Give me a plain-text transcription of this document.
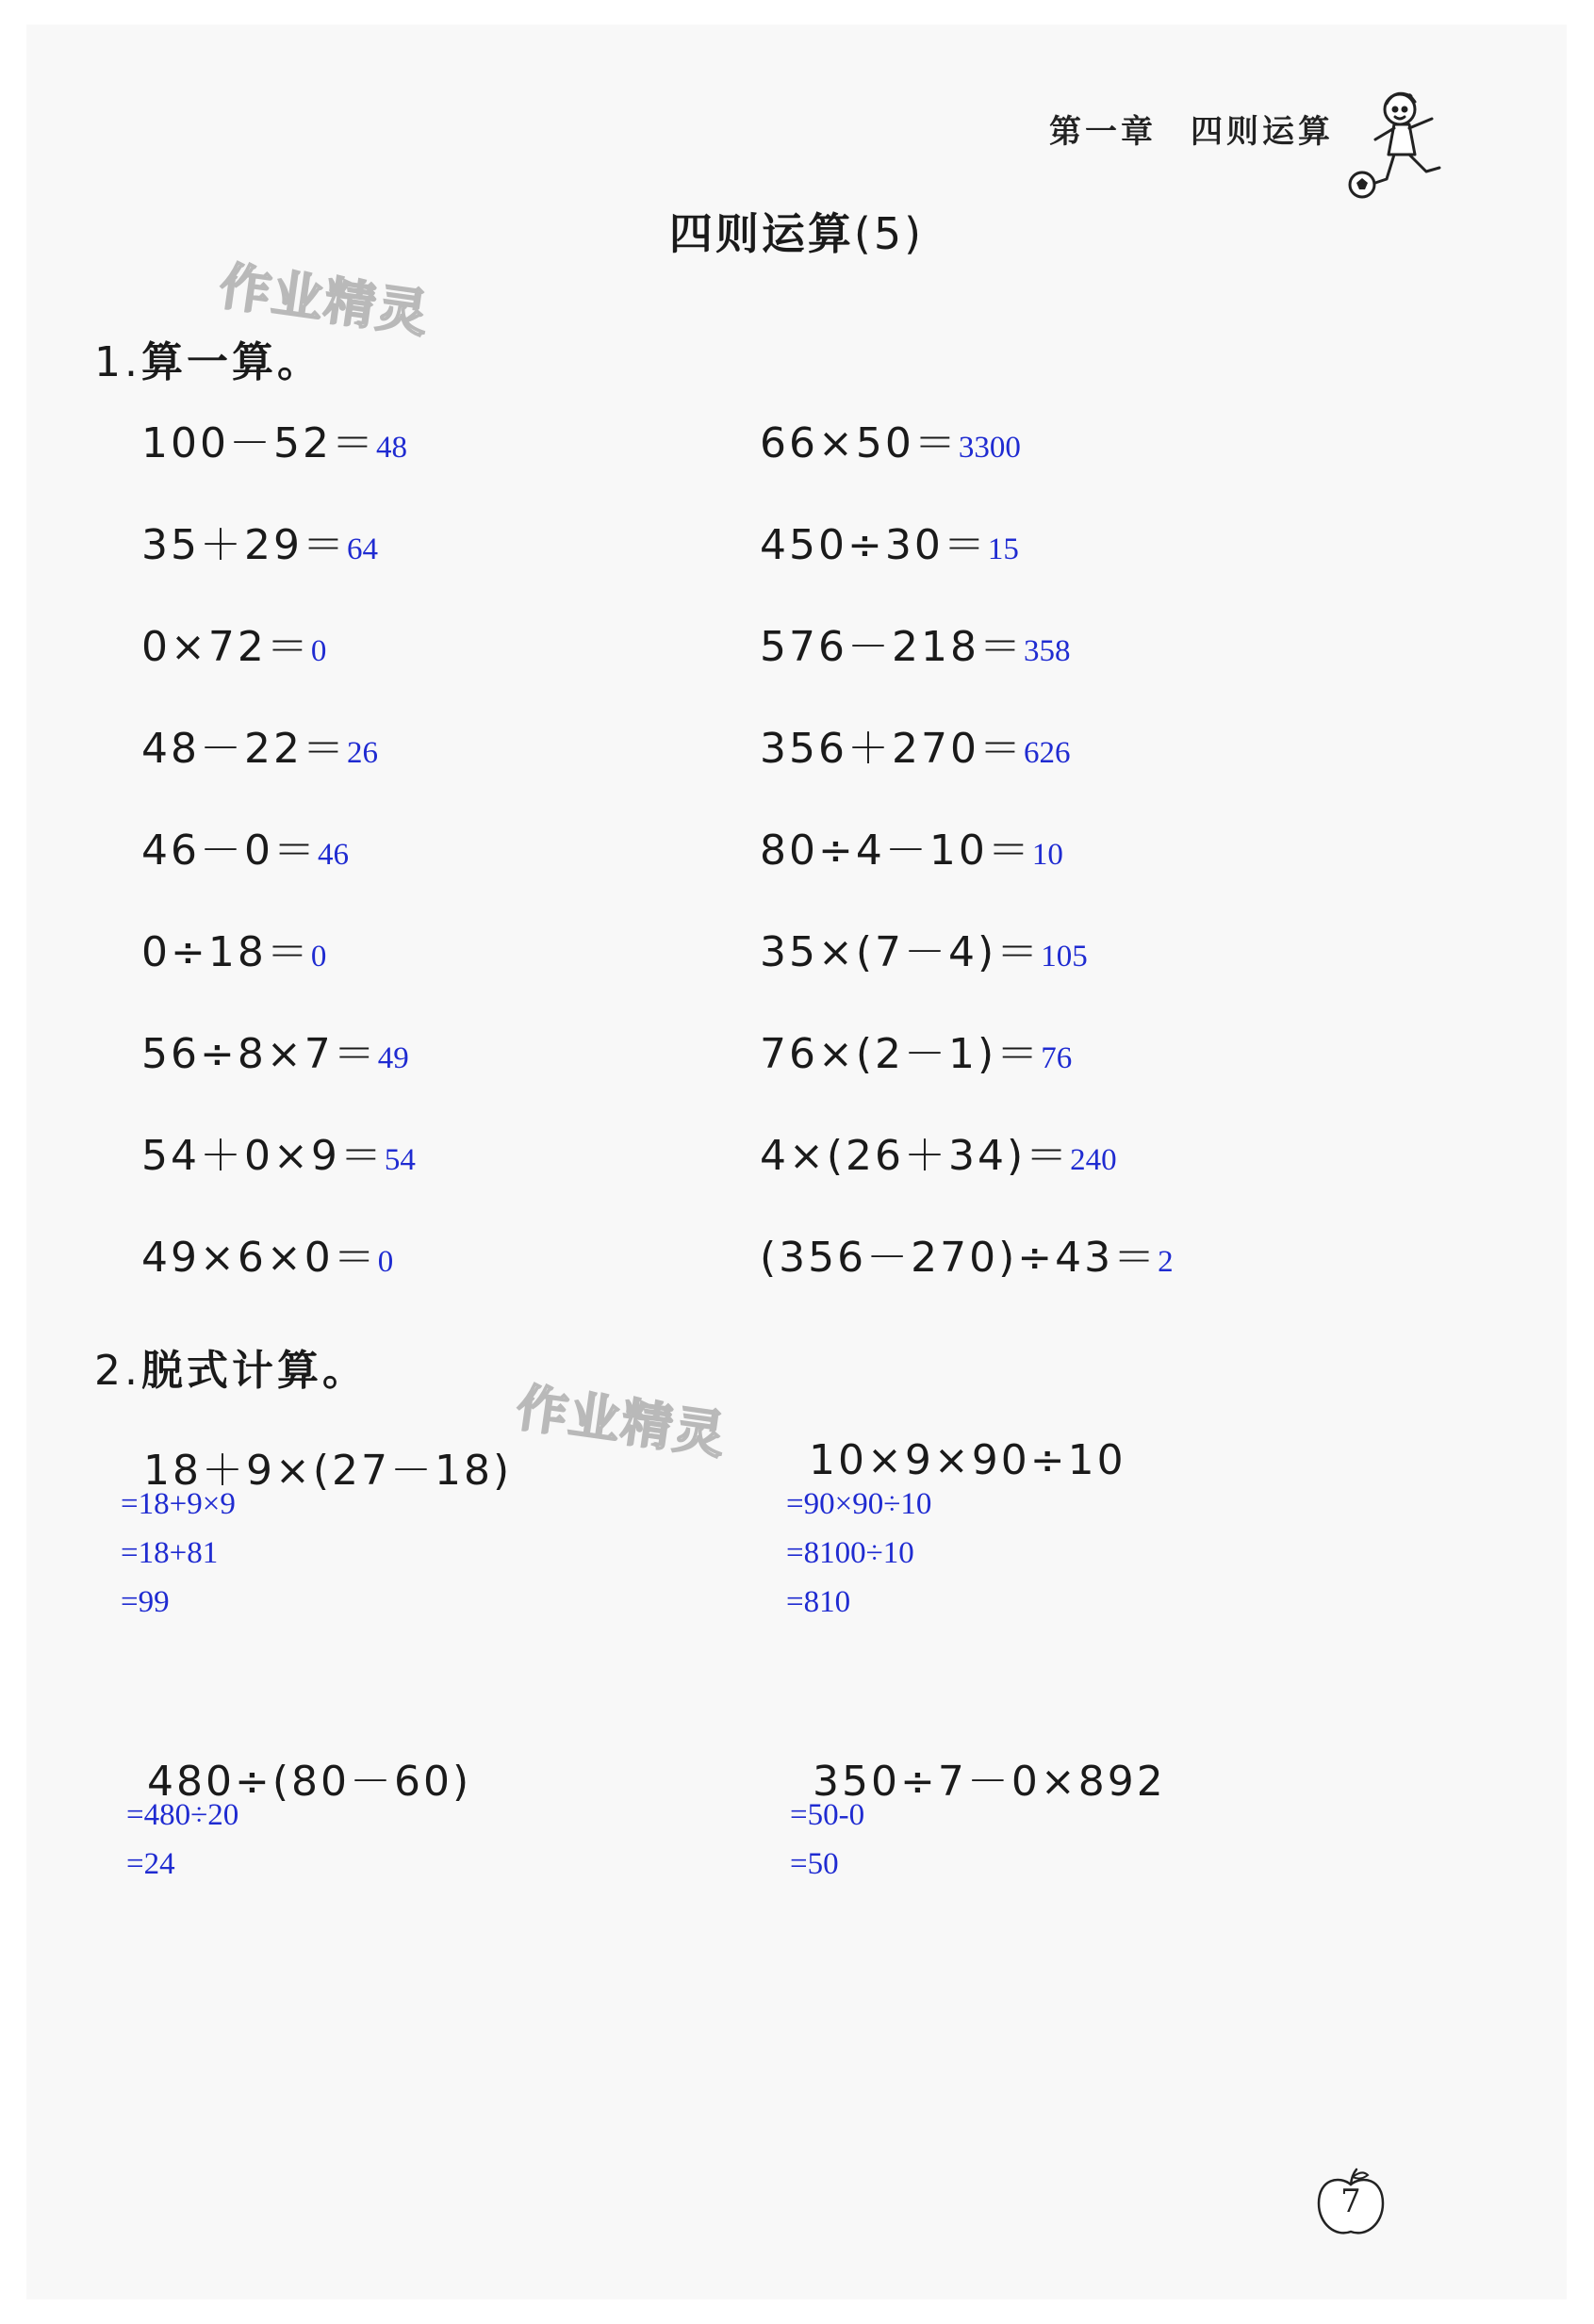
第一章 四则运算
四则运算(5)
作业精灵
作业精灵
1.算一算。
100－52＝48
35＋29＝64
0×72＝0
48－22＝26
46－0＝46
0÷18＝0
56÷8×7＝49
54＋0×9＝54
49×6×0＝0
66×50＝3300
450÷30＝15
576－218＝358
356＋270＝626
80÷4－10＝10
35×(7－4)＝105
76×(2－1)＝76
4×(26＋34)＝240
(356－270)÷43＝2
2.脱式计算。
18＋9×(27－18)
=18+9×9
=18+81
=99
10×9×90÷10
=90×90÷10
=8100÷10
=810
480÷(80－60)
=480÷20
=24
350÷7－0×892
=50-0
=50
7
